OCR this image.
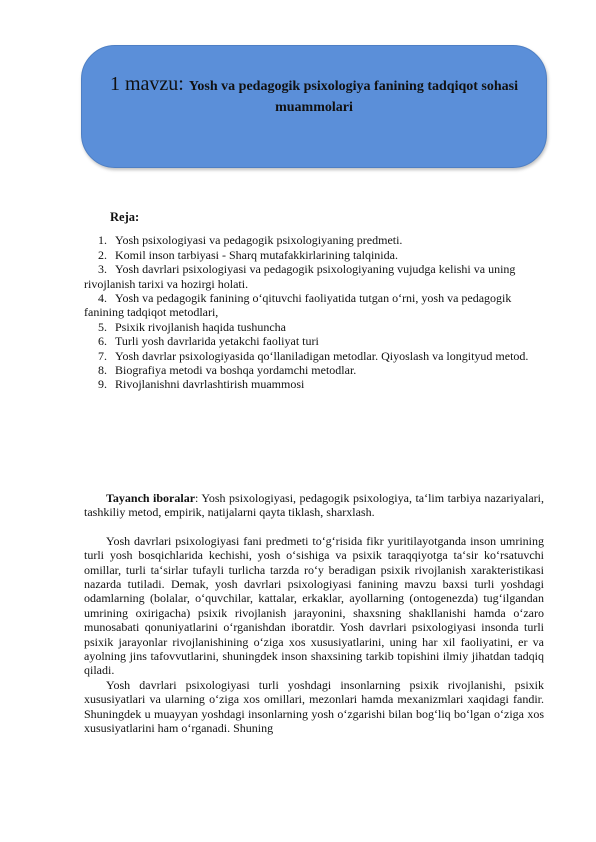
1 mavzu: Yosh va pedagogik psixologiya fanining tadqiqot sohasi muammolari
Reja:
1. Yosh psixologiyasi va pedagogik psixologiyaning predmeti.
2. Komil inson tarbiyasi - Sharq mutafakkirlarining talqinida.
3. Yosh davrlari psixologiyasi va pedagogik psixologiyaning vujudga kelishi va uning rivojlanish tarixi va hozirgi holati.
4. Yosh va pedagogik fanining o‘qituvchi faoliyatida tutgan o‘rni, yosh va pedagogik fanining tadqiqot metodlari,
5. Psixik rivojlanish haqida tushuncha
6. Turli yosh davrlarida yetakchi faoliyat turi
7. Yosh davrlar psixologiyasida qo‘llaniladigan metodlar. Qiyoslash va longityud metod.
8. Biografiya metodi va boshqa yordamchi metodlar.
9. Rivojlanishni davrlashtirish muammosi

Tayanch iboralar: Yosh psixologiyasi, pedagogik psixologiya, ta‘lim tarbiya nazariyalari, tashkiliy metod, empirik, natijalarni qayta tiklash, sharxlash.

Yosh davrlari psixologiyasi fani predmeti to‘g‘risida fikr yuritilayotganda inson umrining turli yosh bosqichlarida kechishi, yosh o‘sishiga va psixik taraqqiyotga ta‘sir ko‘rsatuvchi omillar, turli ta‘sirlar tufayli turlicha tarzda ro‘y beradigan psixik rivojlanish xarakteristikasi nazarda tutiladi. Demak, yosh davrlari psixologiyasi fanining mavzu baxsi turli yoshdagi odamlarning (bolalar, o‘quvchilar, kattalar, erkaklar, ayollarning (ontogenezda) tug‘ilgandan umrining oxirigacha) psixik rivojlanish jarayonini, shaxsning shakllanishi hamda o‘zaro munosabati qonuniyatlarini o‘rganishdan iboratdir. Yosh davrlari psixologiyasi insonda turli psixik jarayonlar rivojlanishining o‘ziga xos xususiyatlarini, uning har xil faoliyatini, er va ayolning jins tafovvutlarini, shuningdek inson shaxsining tarkib topishini ilmiy jihatdan tadqiq qiladi.

Yosh davrlari psixologiyasi turli yoshdagi insonlarning psixik rivojlanishi, psixik xususiyatlari va ularning o‘ziga xos omillari, mezonlari hamda mexanizmlari xaqidagi fandir. Shuningdek u muayyan yoshdagi insonlarning yosh o‘zgarishi bilan bog‘liq bo‘lgan o‘ziga xos xususiyatlarini ham o‘rganadi. Shuning
